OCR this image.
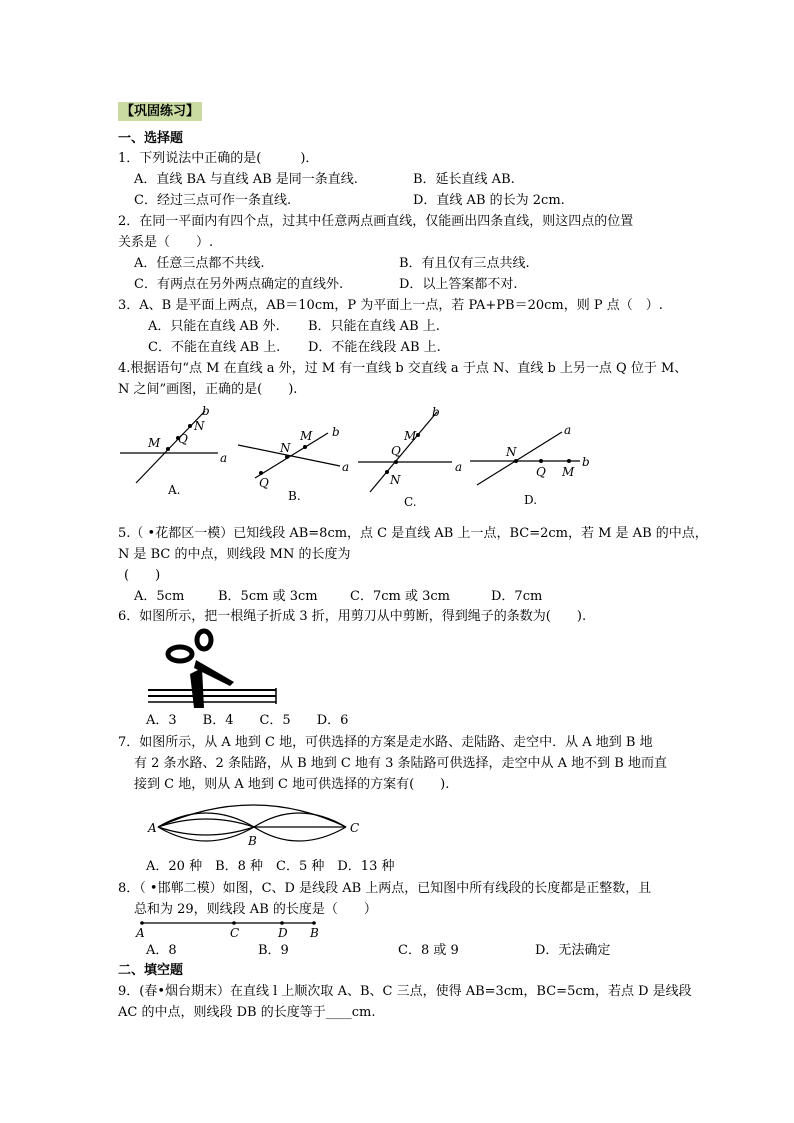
【巩固练习】
一、选择题
1．下列说法中正确的是(　　　)．
A．直线 BA 与直线 AB 是同一条直线.	B．延长直线 AB.
C．经过三点可作一条直线.	D．直线 AB 的长为 2cm.
2．在同一平面内有四个点，过其中任意两点画直线，仅能画出四条直线，则这四点的位置
关系是（　　）.
A．任意三点都不共线.	B．有且仅有三点共线.
C．有两点在另外两点确定的直线外.	D．以上答案都不对.
3．A、B 是平面上两点，AB＝10cm，P 为平面上一点，若 PA+PB＝20cm，则 P 点（　）.
A．只能在直线 AB 外. B．只能在直线 AB 上.
C．不能在直线 AB 上. D．不能在线段 AB 上.
4.根据语句“点 M 在直线 a 外，过 M 有一直线 b 交直线 a 于点 N、直线 b 上另一点 Q 位于 M、
N 之间”画图，正确的是(　　).
M Q
N
b
a
A.
M
N
Q
b
a
B.
M
Q
N
b
a
C.
N
Q M
a
b
D.
5.（ •花都区一模）已知线段 AB=8cm，点 C 是直线 AB 上一点，BC=2cm，若 M 是 AB 的中点，
N 是 BC 的中点，则线段 MN 的长度为
(　　)
A．5cm	B．5cm 或 3cm C．7cm 或 3cm	D．7cm
6．如图所示，把一根绳子折成 3 折，用剪刀从中剪断，得到绳子的条数为(　　).
A．3　　B．4　　C．5　　D．6
7．如图所示，从 A 地到 C 地，可供选择的方案是走水路、走陆路、走空中．从 A 地到 B 地
有 2 条水路、2 条陆路，从 B 地到 C 地有 3 条陆路可供选择，走空中从 A 地不到 B 地而直
接到 C 地，则从 A 地到 C 地可供选择的方案有(　　).
A
B
C
A．20 种　B．8 种　C．5 种　D．13 种
8．（ •邯郸二模）如图，C、D 是线段 AB 上两点，已知图中所有线段的长度都是正整数，且
总和为 29，则线段 AB 的长度是（　　）
A	C	D B
A．8	B．9	C．8 或 9	D．无法确定
二、填空题
9．(春•烟台期末）在直线 l 上顺次取 A、B、C 三点，使得 AB=3cm，BC=5cm，若点 D 是线段
AC 的中点，则线段 DB 的长度等于____cm.
